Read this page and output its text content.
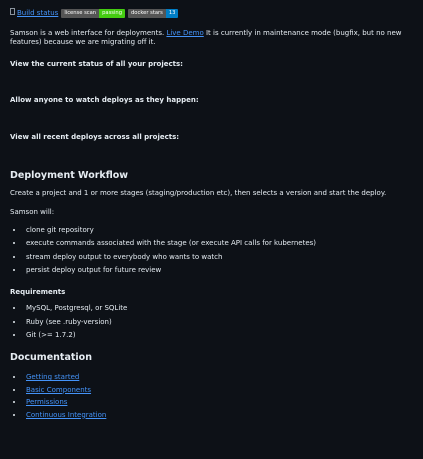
Build status	license scan	passing	docker stars	13

Samson is a web interface for deployments. Live Demo It is currently in maintenance mode (bugfix, but no new features) because we are migrating off it.

View the current status of all your projects:

Allow anyone to watch deploys as they happen:

View all recent deploys across all projects:

Deployment Workflow

Create a project and 1 or more stages (staging/production etc), then selects a version and start the deploy.

Samson will:

• clone git repository
• execute commands associated with the stage (or execute API calls for kubernetes)
• stream deploy output to everybody who wants to watch
• persist deploy output for future review
Requirements
• MySQL, Postgresql, or SQLite
• Ruby (see .ruby-version)
• Git (>= 1.7.2)
Documentation
• Getting started
• Basic Components
• Permissions
• Continuous Integration
